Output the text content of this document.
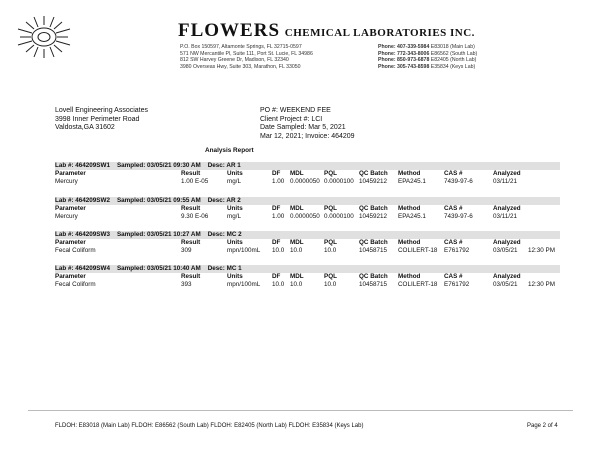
FLOWERS CHEMICAL LABORATORIES INC.
P.O. Box 150597, Altamonte Springs, FL 32715-0597
571 NW Mercantile Pl, Suite 111, Port St. Lucie, FL 34986
812 SW Harvey Greene Dr, Madison, FL 32340
3980 Overseas Hwy, Suite 303, Marathon, FL 33050
Phone: 407-339-5984 E83018 (Main Lab)
Phone: 772-343-8006 E86562 (South Lab)
Phone: 850-973-6878 E82405 (North Lab)
Phone: 305-743-8598 E35834 (Keys Lab)
Lovell Engineering Associates
3998 Inner Perimeter Road
Valdosta,GA 31602
PO #: WEEKEND FEE
Client Project #: LCI
Date Sampled: Mar 5, 2021
Mar 12, 2021; Invoice: 464209
Analysis Report
Lab #: 464209SW1 Sampled: 03/05/21 09:30 AM Desc: AR 1
Parameter	Result	Units	DF MDL	PQL	QC Batch Method	CAS #	Analyzed
Mercury	1.00 E-05	mg/L	1.00 0.0000050 0.0000100 10459212 EPA245.1	7439-97-6	03/11/21
Lab #: 464209SW2 Sampled: 03/05/21 09:55 AM Desc: AR 2
Parameter	Result	Units	DF MDL	PQL	QC Batch Method	CAS #	Analyzed
Mercury	9.30 E-06	mg/L	1.00 0.0000050 0.0000100 10459212 EPA245.1	7439-97-6	03/11/21
Lab #: 464209SW3 Sampled: 03/05/21 10:27 AM Desc: MC 2
Parameter	Result	Units	DF MDL	PQL	QC Batch Method	CAS #	Analyzed
Fecal Coliform	309	mpn/100mL 10.0 10.0	10.0	10458715 COLILERT-18 E761792	03/05/21 12:30 PM
Lab #: 464209SW4 Sampled: 03/05/21 10:40 AM Desc: MC 1
Parameter	Result	Units	DF MDL	PQL	QC Batch Method	CAS #	Analyzed
Fecal Coliform	393	mpn/100mL 10.0 10.0	10.0	10458715 COLILERT-18 E761792	03/05/21 12:30 PM
FLDOH: E83018 (Main Lab) FLDOH: E86562 (South Lab) FLDOH: E82405 (North Lab) FLDOH: E35834 (Keys Lab)	Page 2 of 4
